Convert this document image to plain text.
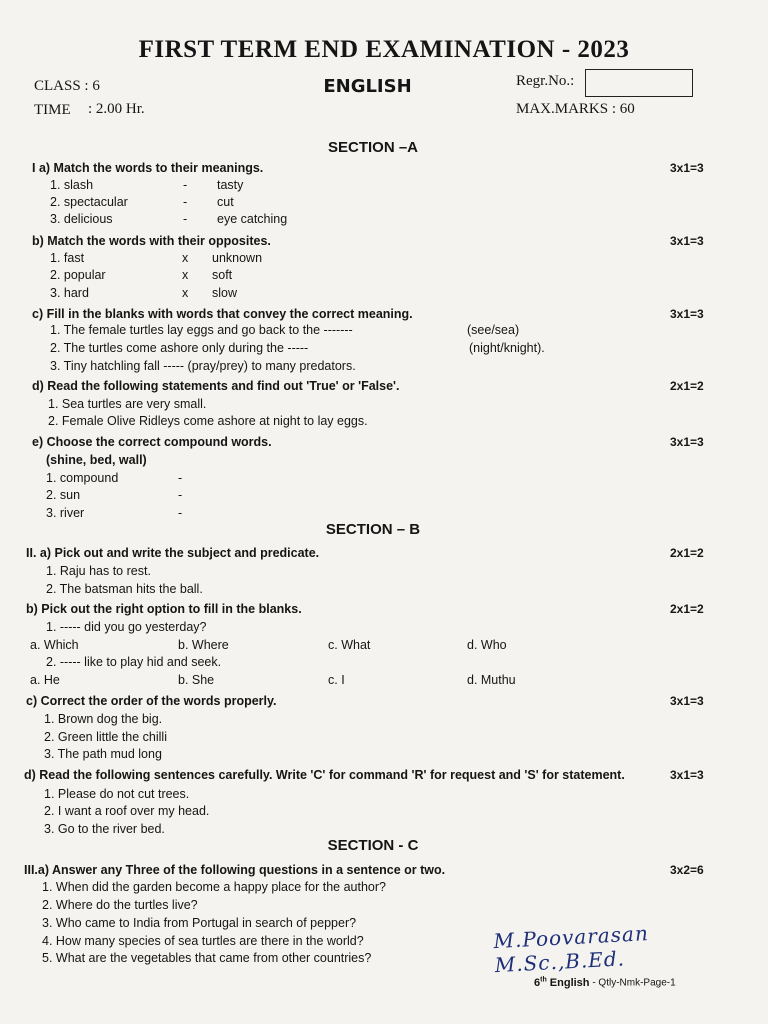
FIRST TERM END EXAMINATION - 2023
CLASS : 6	ENGLISH	Regr.No.:
TIME : 2.00 Hr.	MAX.MARKS : 60
SECTION –A
I a) Match the words to their meanings.	3x1=3
1. slash	- tasty
2. spectacular	- cut
3. delicious	- eye catching
b) Match the words with their opposites.	3x1=3
1. fast	x unknown
2. popular	x soft
3. hard	x slow
c) Fill in the blanks with words that convey the correct meaning.	3x1=3
1. The female turtles lay eggs and go back to the -------	(see/sea)
2. The turtles come ashore only during the -----	(night/knight).
3. Tiny hatchling fall ----- (pray/prey) to many predators.
d) Read the following statements and find out 'True' or 'False'.	2x1=2
1. Sea turtles are very small.
2. Female Olive Ridleys come ashore at night to lay eggs.
e) Choose the correct compound words.	3x1=3
(shine, bed, wall)
1. compound	-
2. sun	-
3. river	-
SECTION – B
II. a) Pick out and write the subject and predicate.	2x1=2
1. Raju has to rest.
2. The batsman hits the ball.
b) Pick out the right option to fill in the blanks.	2x1=2
1. ----- did you go yesterday?
a. Which	b. Where	c. What	d. Who
2. ----- like to play hid and seek.
a. He	b. She	c. I	d. Muthu
c) Correct the order of the words properly.	3x1=3
1. Brown dog the big.
2. Green little the chilli
3. The path mud long
d) Read the following sentences carefully. Write 'C' for command 'R' for request and 'S' for statement.	3x1=3
1. Please do not cut trees.
2. I want a roof over my head.
3. Go to the river bed.
SECTION - C
III.a) Answer any Three of the following questions in a sentence or two.	3x2=6
1. When did the garden become a happy place for the author?
2. Where do the turtles live?
3. Who came to India from Portugal in search of pepper?
4. How many species of sea turtles are there in the world?
5. What are the vegetables that came from other countries?
M.Poovarasan M.Sc.,B.Ed.
6th English - Qtly-Nmk-Page-1
